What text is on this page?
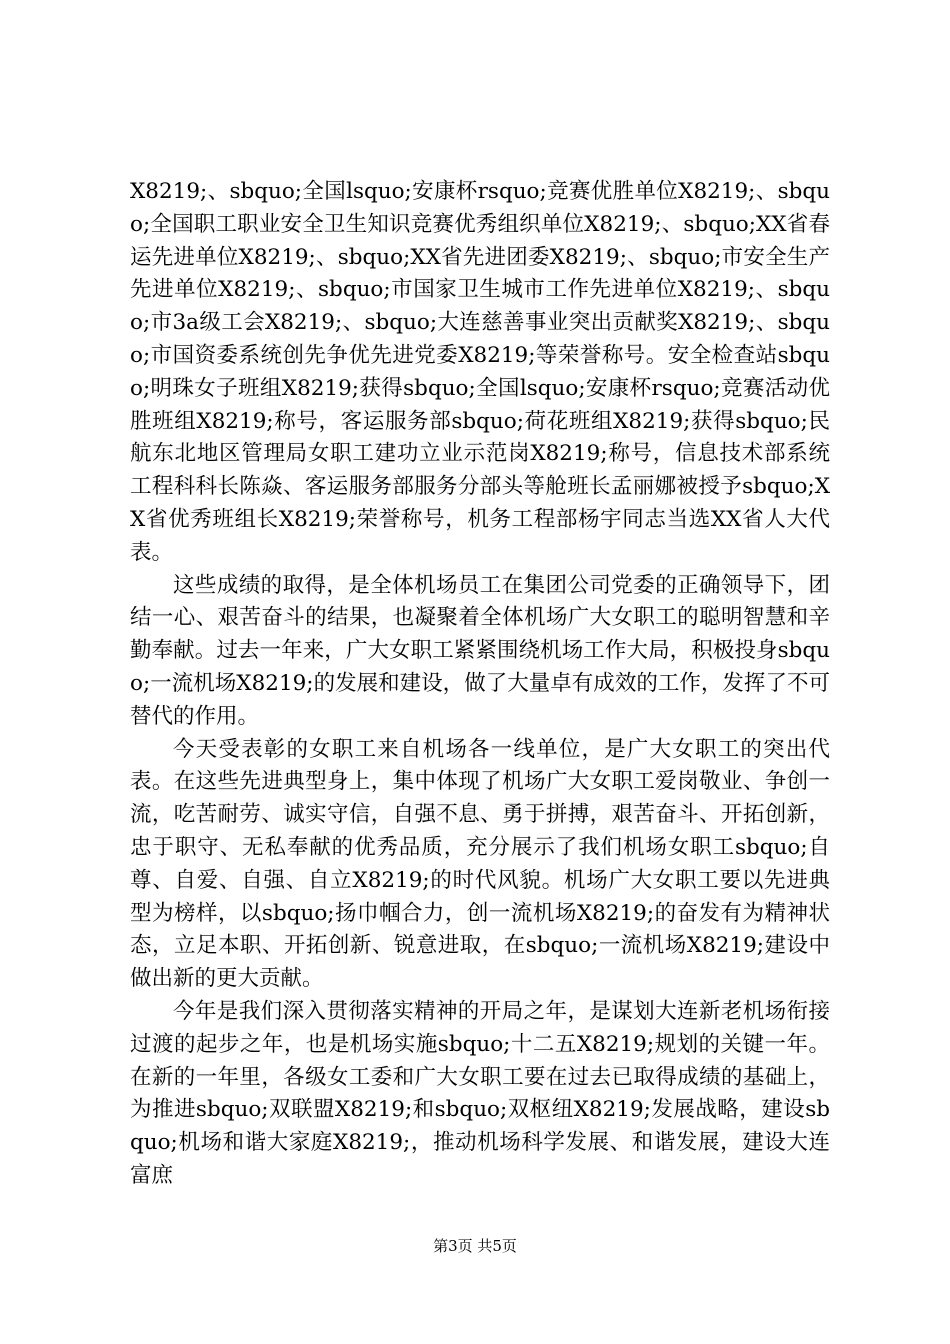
X8219;、sbquo;全国lsquo;安康杯rsquo;竞赛优胜单位X8219;、sbquo;全国职工职业安全卫生知识竞赛优秀组织单位X8219;、sbquo;XX省春运先进单位X8219;、sbquo;XX省先进团委X8219;、sbquo;市安全生产先进单位X8219;、sbquo;市国家卫生城市工作先进单位X8219;、sbquo;市3a级工会X8219;、sbquo;大连慈善事业突出贡献奖X8219;、sbquo;市国资委系统创先争优先进党委X8219;等荣誉称号。安全检查站sbquo;明珠女子班组X8219;获得sbquo;全国lsquo;安康杯rsquo;竞赛活动优胜班组X8219;称号，客运服务部sbquo;荷花班组X8219;获得sbquo;民航东北地区管理局女职工建功立业示范岗X8219;称号，信息技术部系统工程科科长陈焱、客运服务部服务分部头等舱班长孟丽娜被授予sbquo;XX省优秀班组长X8219;荣誉称号，机务工程部杨宇同志当选XX省人大代表。

这些成绩的取得，是全体机场员工在集团公司党委的正确领导下，团结一心、艰苦奋斗的结果，也凝聚着全体机场广大女职工的聪明智慧和辛勤奉献。过去一年来，广大女职工紧紧围绕机场工作大局，积极投身sbquo;一流机场X8219;的发展和建设，做了大量卓有成效的工作，发挥了不可替代的作用。

今天受表彰的女职工来自机场各一线单位，是广大女职工的突出代表。在这些先进典型身上，集中体现了机场广大女职工爱岗敬业、争创一流，吃苦耐劳、诚实守信，自强不息、勇于拼搏，艰苦奋斗、开拓创新，忠于职守、无私奉献的优秀品质，充分展示了我们机场女职工sbquo;自尊、自爱、自强、自立X8219;的时代风貌。机场广大女职工要以先进典型为榜样，以sbquo;扬巾帼合力，创一流机场X8219;的奋发有为精神状态，立足本职、开拓创新、锐意进取，在sbquo;一流机场X8219;建设中做出新的更大贡献。

今年是我们深入贯彻落实精神的开局之年，是谋划大连新老机场衔接过渡的起步之年，也是机场实施sbquo;十二五X8219;规划的关键一年。在新的一年里，各级女工委和广大女职工要在过去已取得成绩的基础上，为推进sbquo;双联盟X8219;和sbquo;双枢纽X8219;发展战略，建设sbquo;机场和谐大家庭X8219;，推动机场科学发展、和谐发展，建设大连富庶

第3页 共5页
